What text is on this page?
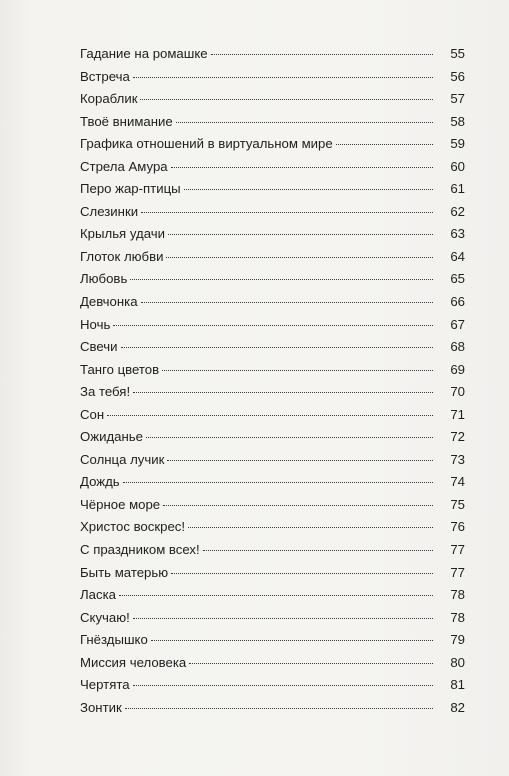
Гадание на ромашке	55
Встреча	56
Кораблик	57
Твоё внимание	58
Графика отношений в виртуальном мире	59
Стрела Амура	60
Перо жар-птицы	61
Слезинки	62
Крылья удачи	63
Глоток любви	64
Любовь	65
Девчонка	66
Ночь	67
Свечи	68
Танго цветов	69
За тебя!	70
Сон	71
Ожиданье	72
Солнца лучик	73
Дождь	74
Чёрное море	75
Христос воскрес!	76
С праздником всех!	77
Быть матерью	77
Ласка	78
Скучаю!	78
Гнёздышко	79
Миссия человека	80
Чертята	81
Зонтик	82
